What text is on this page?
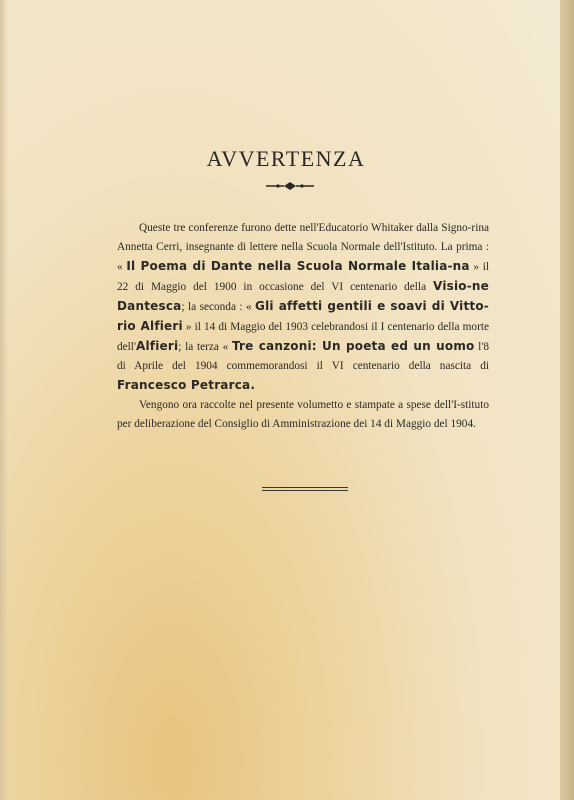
AVVERTENZA

Queste tre conferenze furono dette nell'Educatorio Whitaker dalla Signo-rina Annetta Cerri, insegnante di lettere nella Scuola Normale dell'Istituto. La prima : « Il Poema di Dante nella Scuola Normale Italia-na » il 22 di Maggio del 1900 in occasione del VI centenario della Visio-ne Dantesca; la seconda : « Gli affetti gentili e soavi di Vitto-rio Alfieri » il 14 di Maggio del 1903 celebrandosi il I centenario della morte dell'Alfieri; la terza « Tre canzoni: Un poeta ed un uomo l'8 di Aprile del 1904 commemorandosi il VI centenario della nascita di Francesco Petrarca.

Vengono ora raccolte nel presente volumetto e stampate a spese dell'I-stituto per deliberazione del Consiglio di Amministrazione dei 14 di Maggio del 1904.
